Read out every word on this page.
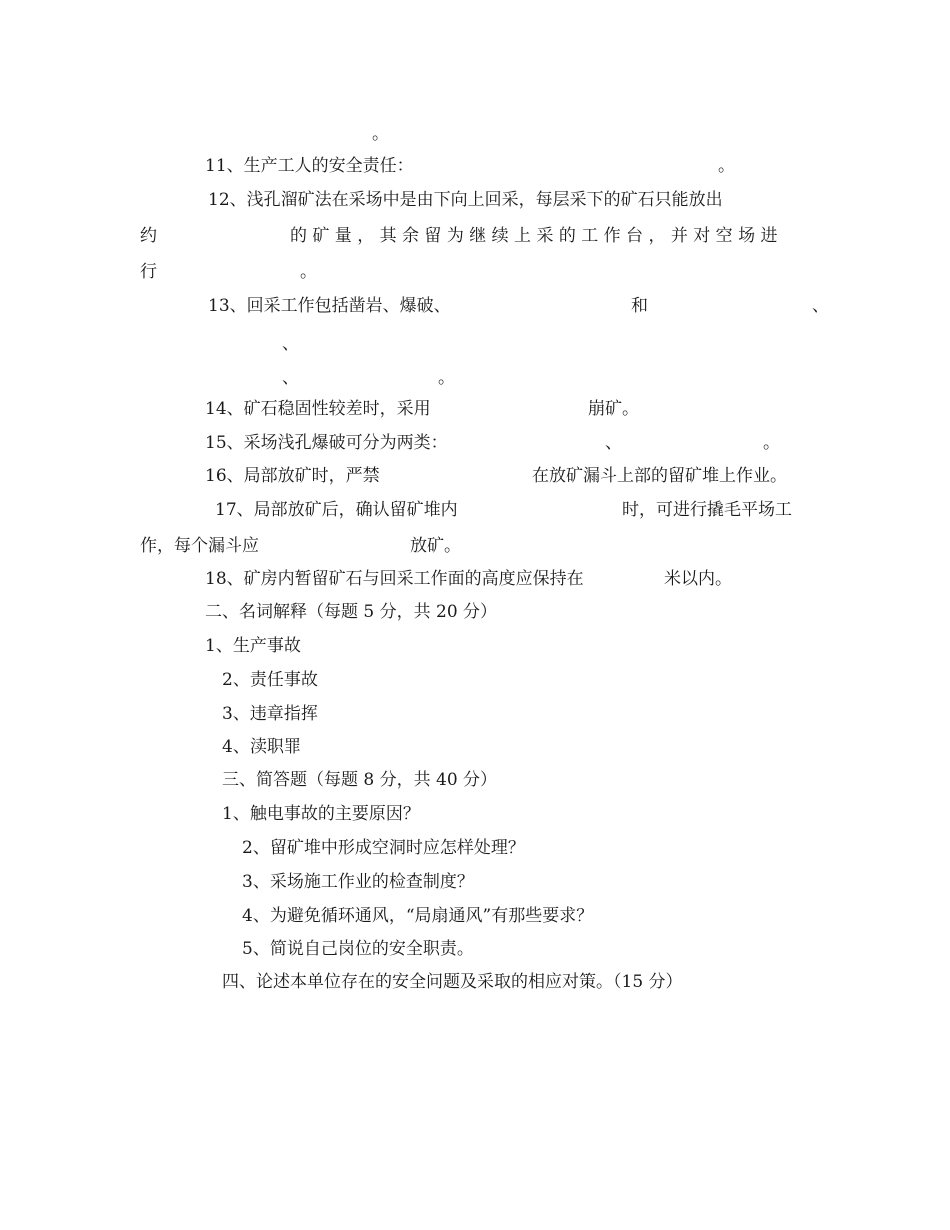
。
11、生产工人的安全责任：	。
12、浅孔溜矿法在采场中是由下向上回采，每层采下的矿石只能放出
约	的 矿 量 ， 其 余 留 为 继 续 上 采 的 工 作 台 ， 并 对 空 场 进
行	。
13、回采工作包括凿岩、爆破、	和	、
、
、	。
14、矿石稳固性较差时，采用	崩矿。
15、采场浅孔爆破可分为两类：	、	。
16、局部放矿时，严禁	在放矿漏斗上部的留矿堆上作业。
17、局部放矿后，确认留矿堆内	时，可进行撬毛平场工
作，每个漏斗应	放矿。
18、矿房内暂留矿石与回采工作面的高度应保持在	米以内。
二、名词解释（每题 5 分，共 20 分）
1、生产事故
2、责任事故
3、违章指挥
4、渎职罪
三、简答题（每题 8 分，共 40 分）
1、触电事故的主要原因？
2、留矿堆中形成空洞时应怎样处理？
3、采场施工作业的检查制度？
4、为避免循环通风，“局扇通风”有那些要求？
5、简说自己岗位的安全职责。
四、论述本单位存在的安全问题及采取的相应对策。（15 分）
